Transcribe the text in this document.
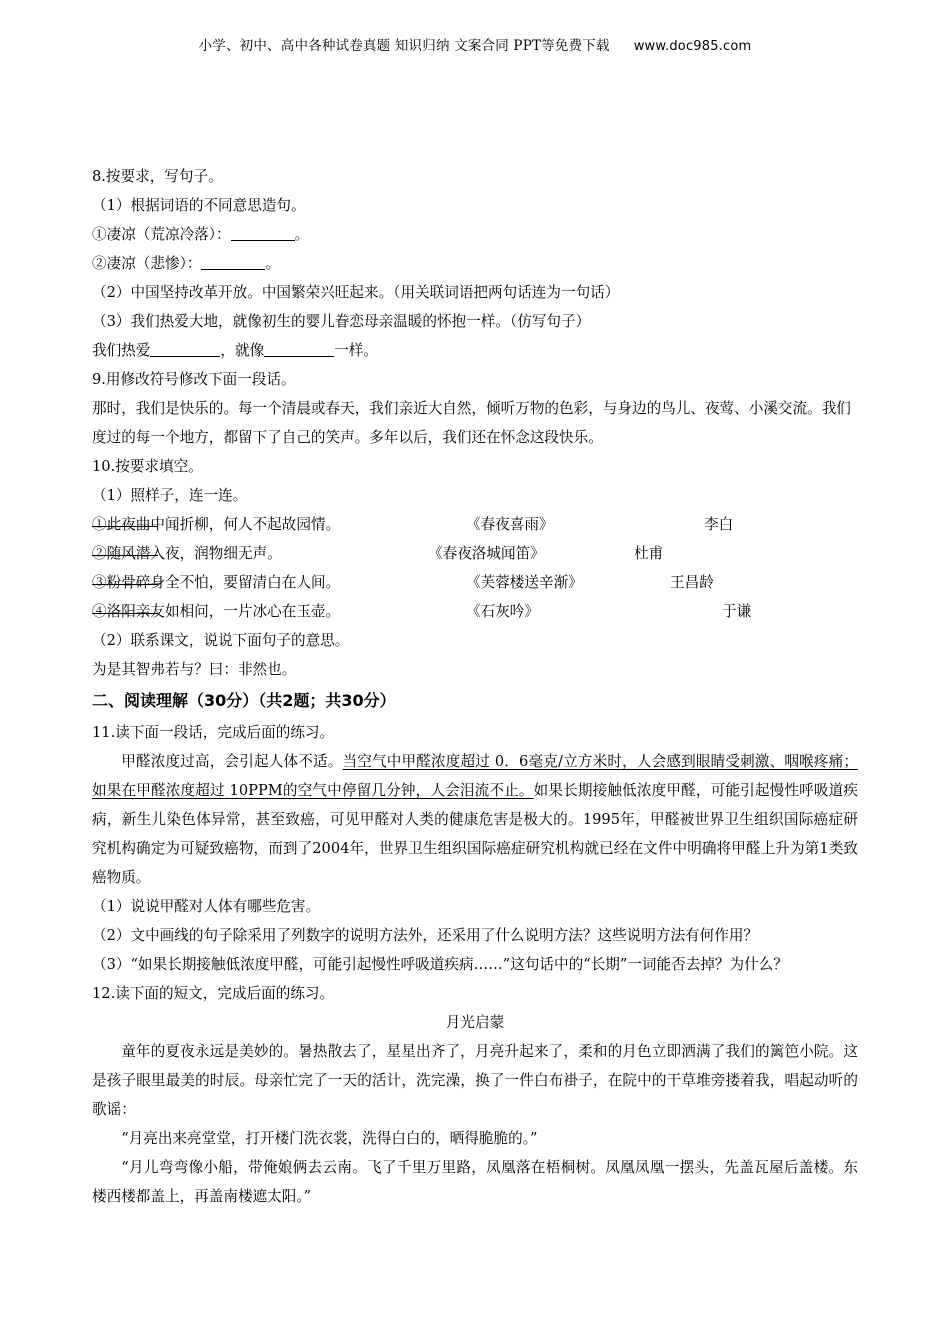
小学、初中、高中各种试卷真题 知识归纳 文案合同 PPT等免费下载 www.doc985.com
8.按要求，写句子。
（1）根据词语的不同意思造句。
①凄凉（荒凉冷落）：	。
②凄凉（悲惨）：	。
（2）中国坚持改革开放。中国繁荣兴旺起来。（用关联词语把两句话连为一句话）
（3）我们热爱大地，就像初生的婴儿眷恋母亲温暖的怀抱一样。（仿写句子）
我们热爱	，就像	一样。
9.用修改符号修改下面一段话。
那时，我们是快乐的。每一个清晨或春天，我们亲近大自然，倾听万物的色彩，与身边的鸟儿、夜莺、小溪交流。我们度过的每一个地方，都留下了自己的笑声。多年以后，我们还在怀念这段快乐。
10.按要求填空。
（1）照样子，连一连。
①此夜曲中闻折柳，何人不起故园情。	《春夜喜雨》	李白
②随风潜入夜，润物细无声。	《春夜洛城闻笛》	杜甫
③粉骨碎身全不怕，要留清白在人间。	《芙蓉楼送辛渐》	王昌龄
④洛阳亲友如相问，一片冰心在玉壶。	《石灰吟》	于谦
（2）联系课文，说说下面句子的意思。
为是其智弗若与？曰：非然也。
二、阅读理解（30分）（共2题；共30分）
11.读下面一段话，完成后面的练习。
甲醛浓度过高，会引起人体不适。当空气中甲醛浓度超过 0．6毫克/立方米时，人会感到眼睛受刺激、咽喉疼痛；如果在甲醛浓度超过 10PPM的空气中停留几分钟，人会泪流不止。如果长期接触低浓度甲醛，可能引起慢性呼吸道疾病，新生儿染色体异常，甚至致癌，可见甲醛对人类的健康危害是极大的。1995年，甲醛被世界卫生组织国际癌症研究机构确定为可疑致癌物，而到了2004年，世界卫生组织国际癌症研究机构就已经在文件中明确将甲醛上升为第1类致癌物质。
（1）说说甲醛对人体有哪些危害。
（2）文中画线的句子除采用了列数字的说明方法外，还采用了什么说明方法？这些说明方法有何作用？
（3）“如果长期接触低浓度甲醛，可能引起慢性呼吸道疾病……”这句话中的“长期”一词能否去掉？为什么？
12.读下面的短文，完成后面的练习。
月光启蒙
童年的夏夜永远是美妙的。暑热散去了，星星出齐了，月亮升起来了，柔和的月色立即洒满了我们的篱笆小院。这是孩子眼里最美的时辰。母亲忙完了一天的活计，洗完澡，换了一件白布褂子，在院中的干草堆旁搂着我，唱起动听的歌谣：
“月亮出来亮堂堂，打开楼门洗衣裳，洗得白白的，晒得脆脆的。”
“月儿弯弯像小船，带俺娘俩去云南。飞了千里万里路，凤凰落在梧桐树。凤凰凤凰一摆头，先盖瓦屋后盖楼。东楼西楼都盖上，再盖南楼遮太阳。”
